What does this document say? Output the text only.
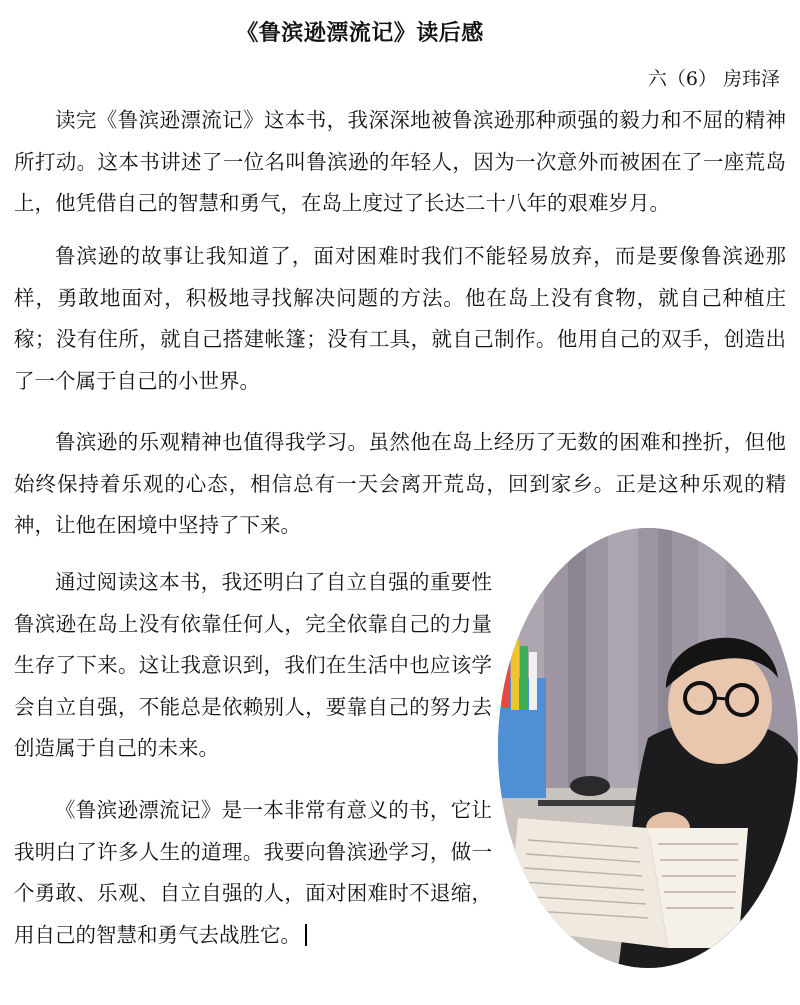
《鲁滨逊漂流记》读后感
六（6） 房玮泽

读完《鲁滨逊漂流记》这本书，我深深地被鲁滨逊那种顽强的毅力和不屈的精神所打动。这本书讲述了一位名叫鲁滨逊的年轻人，因为一次意外而被困在了一座荒岛上，他凭借自己的智慧和勇气，在岛上度过了长达二十八年的艰难岁月。

鲁滨逊的故事让我知道了，面对困难时我们不能轻易放弃，而是要像鲁滨逊那样，勇敢地面对，积极地寻找解决问题的方法。他在岛上没有食物，就自己种植庄稼；没有住所，就自己搭建帐篷；没有工具，就自己制作。他用自己的双手，创造出了一个属于自己的小世界。

鲁滨逊的乐观精神也值得我学习。虽然他在岛上经历了无数的困难和挫折，但他始终保持着乐观的心态，相信总有一天会离开荒岛，回到家乡。正是这种乐观的精神，让他在困境中坚持了下来。

通过阅读这本书，我还明白了自立自强的重要性鲁滨逊在岛上没有依靠任何人，完全依靠自己的力量生存了下来。这让我意识到，我们在生活中也应该学会自立自强，不能总是依赖别人，要靠自己的努力去创造属于自己的未来。

《鲁滨逊漂流记》是一本非常有意义的书，它让我明白了许多人生的道理。我要向鲁滨逊学习，做一个勇敢、乐观、自立自强的人，面对困难时不退缩，用自己的智慧和勇气去战胜它。
